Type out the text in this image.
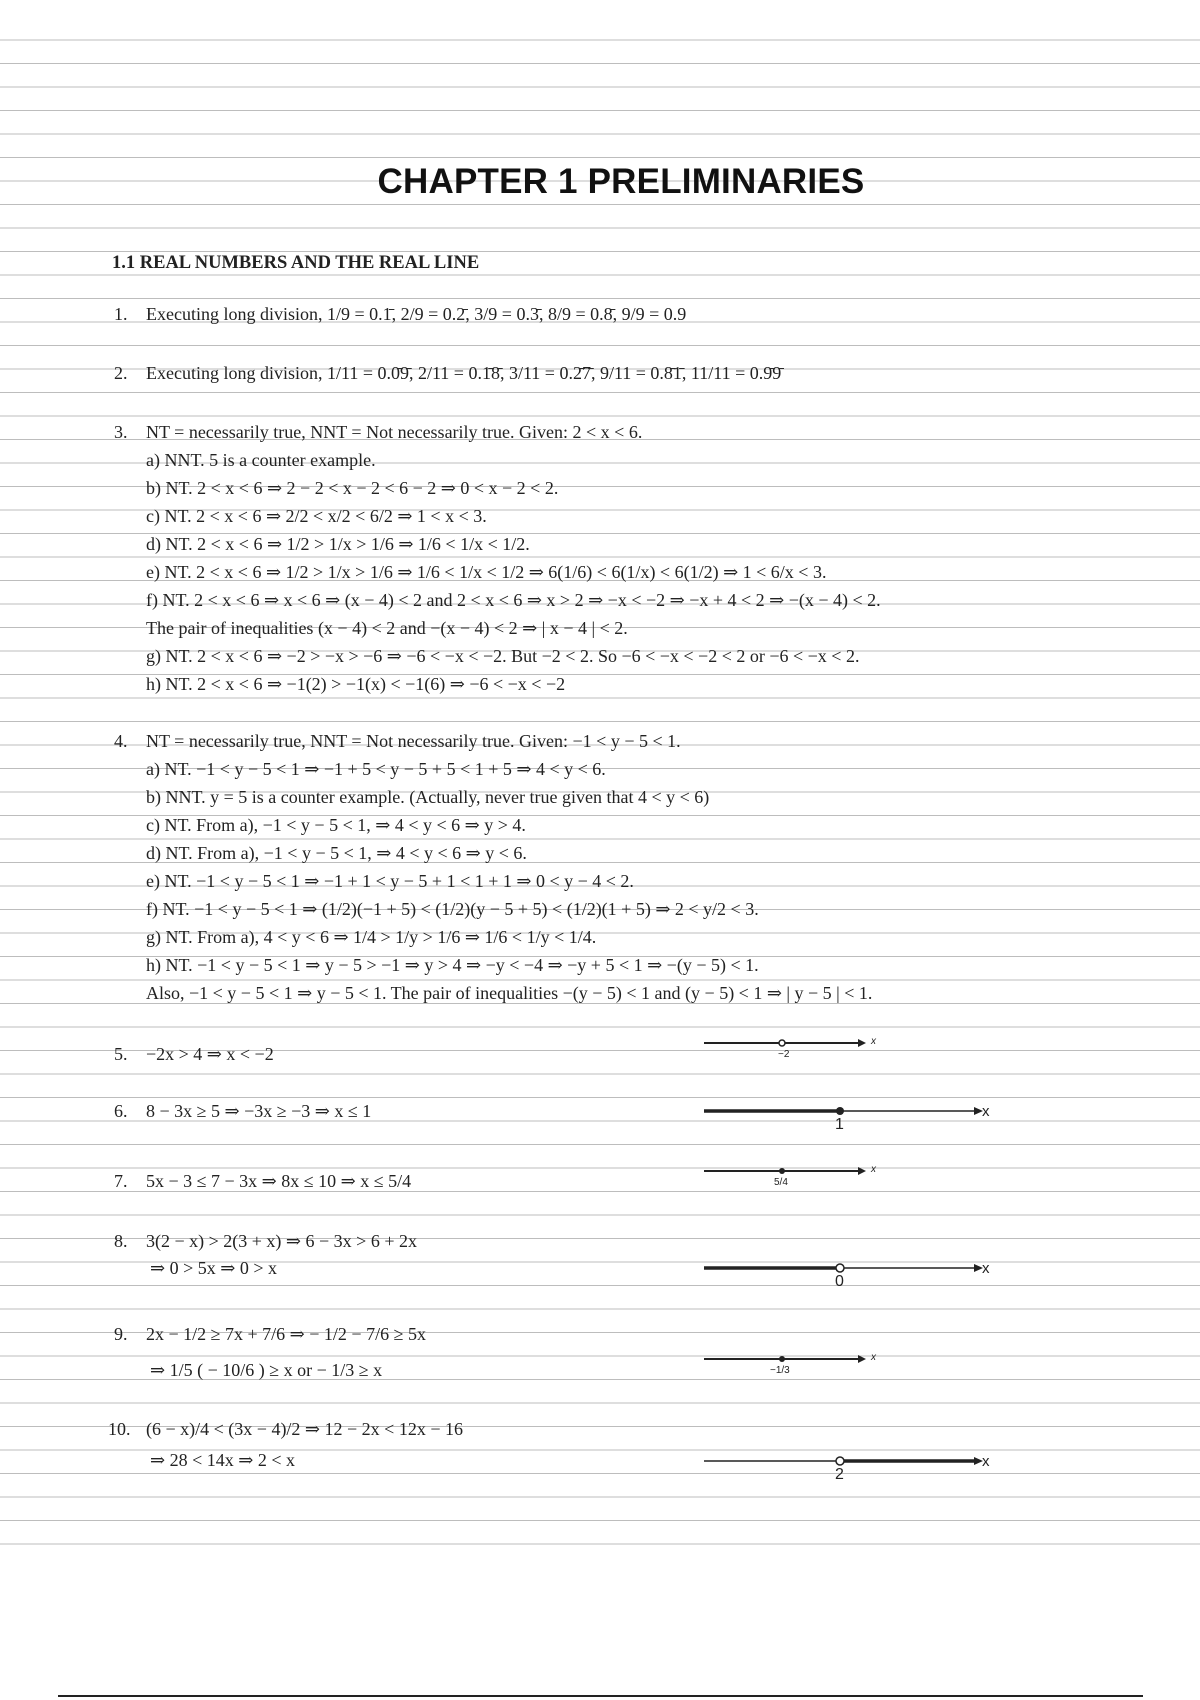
CHAPTER 1 PRELIMINARIES
1.1 REAL NUMBERS AND THE REAL LINE
1. Executing long division, 1/9 = 0.1̄, 2/9 = 0.2̄, 3/9 = 0.3̄, 8/9 = 0.8̄, 9/9 = 0.9
2. Executing long division, 1/11 = 0.0̄9̄, 2/11 = 0.1̄8̄, 3/11 = 0.2̄7̄, 9/11 = 0.8̄1̄, 11/11 = 0.9̄9̄
3. NT = necessarily true, NNT = Not necessarily true. Given: 2 < x < 6.
a) NNT. 5 is a counter example.
b) NT. 2 < x < 6 ⇒ 2 − 2 < x − 2 < 6 − 2 ⇒ 0 < x − 2 < 2.
c) NT. 2 < x < 6 ⇒ 2/2 < x/2 < 6/2 ⇒ 1 < x < 3.
d) NT. 2 < x < 6 ⇒ 1/2 > 1/x > 1/6 ⇒ 1/6 < 1/x < 1/2.
e) NT. 2 < x < 6 ⇒ 1/2 > 1/x > 1/6 ⇒ 1/6 < 1/x < 1/2 ⇒ 6(1/6) < 6(1/x) < 6(1/2) ⇒ 1 < 6/x < 3.
f) NT. 2 < x < 6 ⇒ x < 6 ⇒ (x − 4) < 2 and 2 < x < 6 ⇒ x > 2 ⇒ −x < −2 ⇒ −x + 4 < 2 ⇒ −(x − 4) < 2.
The pair of inequalities (x − 4) < 2 and −(x − 4) < 2 ⇒ | x − 4 | < 2.
g) NT. 2 < x < 6 ⇒ −2 > −x > −6 ⇒ −6 < −x < −2. But −2 < 2. So −6 < −x < −2 < 2 or −6 < −x < 2.
h) NT. 2 < x < 6 ⇒ −1(2) > −1(x) < −1(6) ⇒ −6 < −x < −2
4. NT = necessarily true, NNT = Not necessarily true. Given: −1 < y − 5 < 1.
a) NT. −1 < y − 5 < 1 ⇒ −1 + 5 < y − 5 + 5 < 1 + 5 ⇒ 4 < y < 6.
b) NNT. y = 5 is a counter example. (Actually, never true given that 4 < y < 6)
c) NT. From a), −1 < y − 5 < 1, ⇒ 4 < y < 6 ⇒ y > 4.
d) NT. From a), −1 < y − 5 < 1, ⇒ 4 < y < 6 ⇒ y < 6.
e) NT. −1 < y − 5 < 1 ⇒ −1 + 1 < y − 5 + 1 < 1 + 1 ⇒ 0 < y − 4 < 2.
f) NT. −1 < y − 5 < 1 ⇒ (1/2)(−1 + 5) < (1/2)(y − 5 + 5) < (1/2)(1 + 5) ⇒ 2 < y/2 < 3.
g) NT. From a), 4 < y < 6 ⇒ 1/4 > 1/y > 1/6 ⇒ 1/6 < 1/y < 1/4.
h) NT. −1 < y − 5 < 1 ⇒ y − 5 > −1 ⇒ y > 4 ⇒ −y < −4 ⇒ −y + 5 < 1 ⇒ −(y − 5) < 1.
Also, −1 < y − 5 < 1 ⇒ y − 5 < 1. The pair of inequalities −(y − 5) < 1 and (y − 5) < 1 ⇒ | y − 5 | < 1.
5. −2x > 4 ⇒ x < −2
6. 8 − 3x ≥ 5 ⇒ −3x ≥ −3 ⇒ x ≤ 1
7. 5x − 3 ≤ 7 − 3x ⇒ 8x ≤ 10 ⇒ x ≤ 5/4
8. 3(2 − x) > 2(3 + x) ⇒ 6 − 3x > 6 + 2x
⇒ 0 > 5x ⇒ 0 > x
9. 2x − 1/2 ≥ 7x + 7/6 ⇒ − 1/2 − 7/6 ≥ 5x
⇒ 1/5 ( − 10/6 ) ≥ x or − 1/3 ≥ x
10. (6 − x)/4 < (3x − 4)/2 ⇒ 12 − 2x < 12x − 16
⇒ 28 < 14x ⇒ 2 < x
−2
x
1
x
5/4
x
0
x
−1/3
x
2
x
